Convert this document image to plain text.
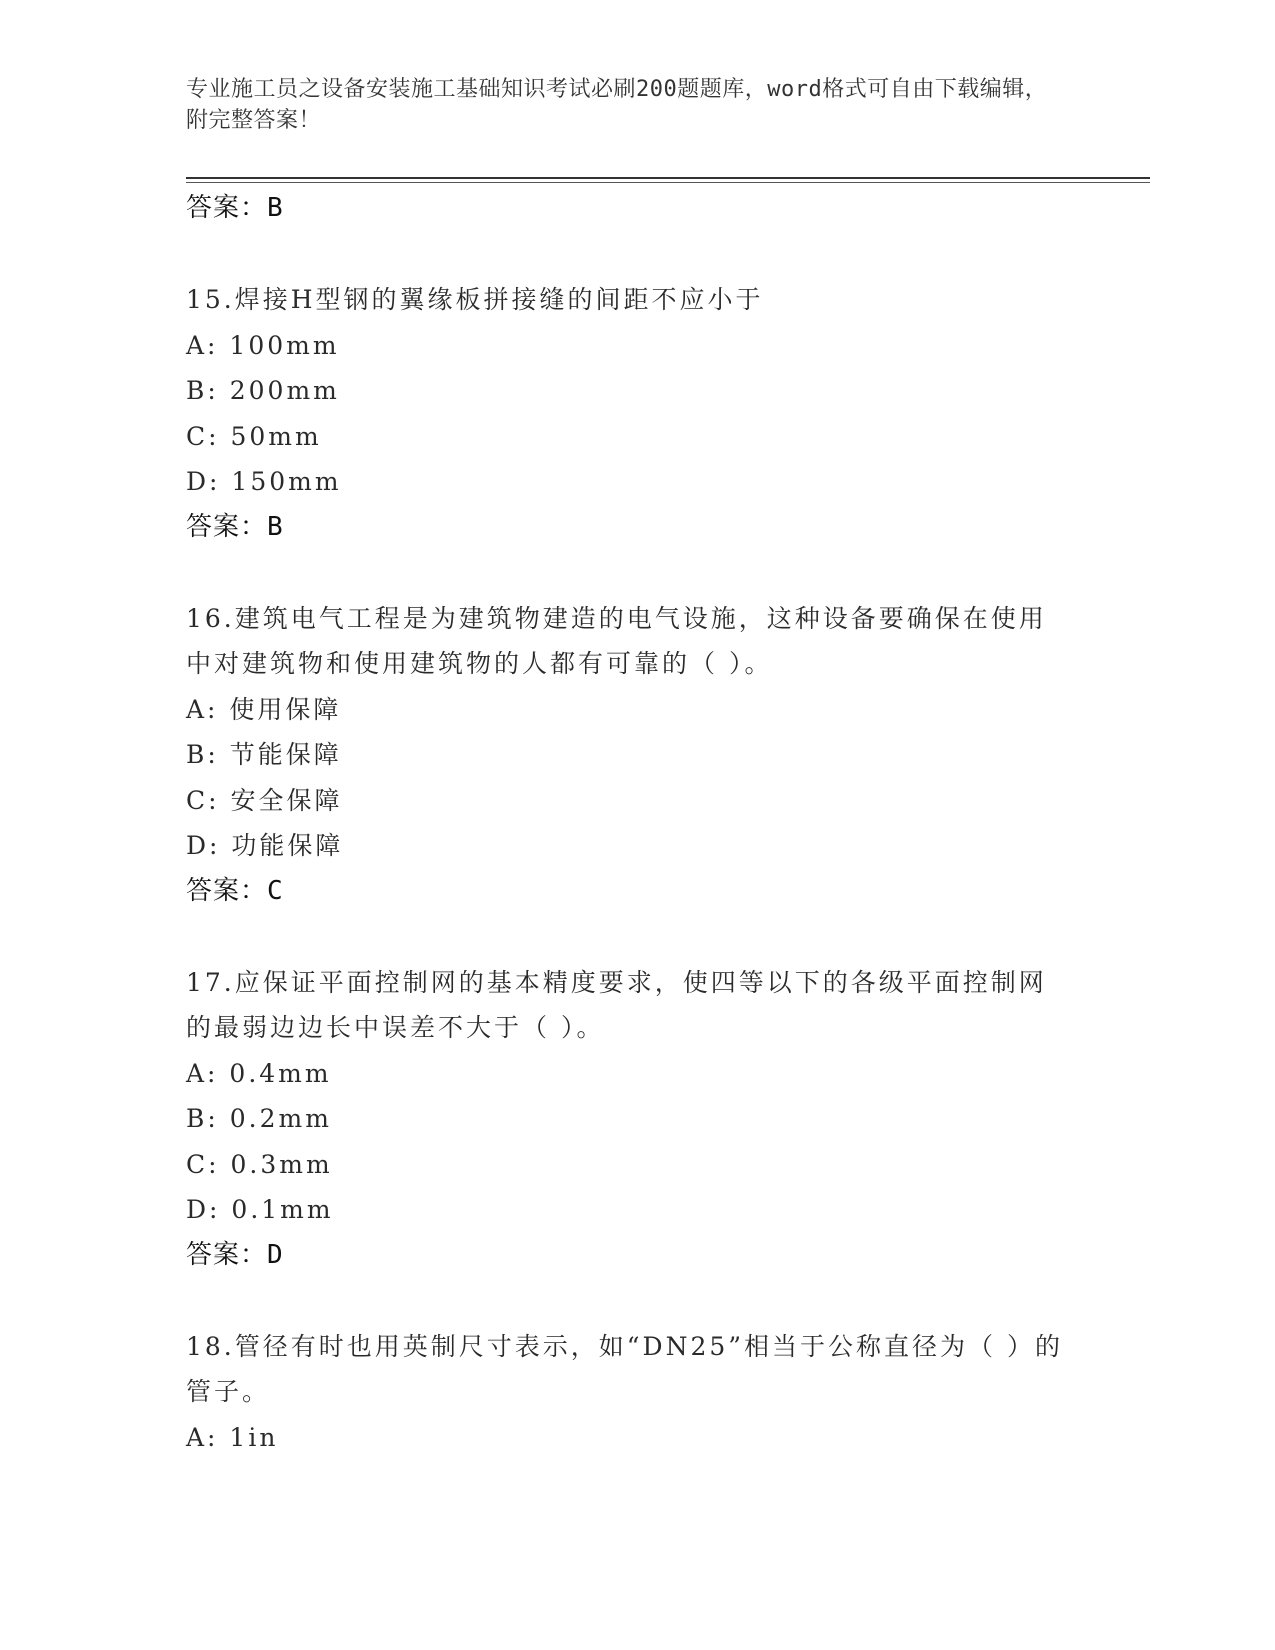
专业施工员之设备安装施工基础知识考试必刷200题题库，word格式可自由下载编辑，附完整答案！
答案：B
15.焊接H型钢的翼缘板拼接缝的间距不应小于
A: 100mm
B: 200mm
C: 50mm
D: 150mm
答案：B
16.建筑电气工程是为建筑物建造的电气设施，这种设备要确保在使用中对建筑物和使用建筑物的人都有可靠的（ ）。
A: 使用保障
B: 节能保障
C: 安全保障
D: 功能保障
答案：C
17.应保证平面控制网的基本精度要求，使四等以下的各级平面控制网的最弱边边长中误差不大于（ ）。
A: 0.4mm
B: 0.2mm
C: 0.3mm
D: 0.1mm
答案：D
18.管径有时也用英制尺寸表示，如“DN25”相当于公称直径为（ ）的管子。
A: 1in
